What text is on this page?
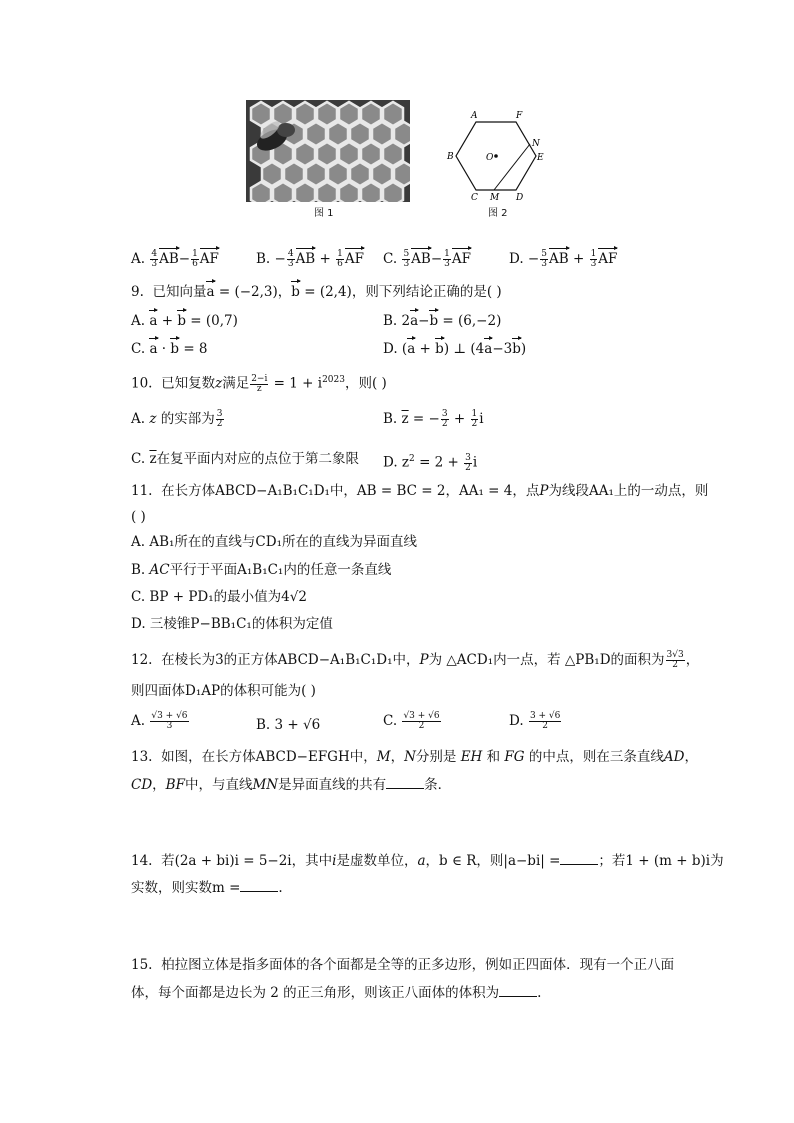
图 1
A	F
B	E
N
O
C M D
图 2
A. $\frac{4}{3} AB- \frac{1}{6}$ AF	B. − $\frac{4}{3}$ AB + $\frac{1}{6}$ AF C. $\frac{5}{3} AB- \frac{1}{3}$ AF	D. − $\frac{5}{3}$ AB + $\frac{1}{3}$ AF
9. 已知向量a = (−2,3)，b = (2,4)，则下列结论正确的是( )
A. a + b = (0,7)	B. 2a−b = (6,−2)
C. a · b = 8	D. (a + b) ⊥ (4a−3b)
10. 已知复数z满足 $\frac{2-i}{z} = 1 + i^{2023}$，则( )
A. z 的实部为 $\frac{3}{2}$	B. $\overline{z}$ = − $\frac{3}{2} + \frac{1}{2}$ i
C. $\overline{z}$在复平面内对应的点位于第二象限 D. $z^2 = 2 + \frac{3}{2}$ i
11. 在长方体ABCD−A₁B₁C₁D₁中，AB = BC = 2，AA₁ = 4，点P为线段AA₁上的一动点，则
( )
A. AB₁所在的直线与CD₁所在的直线为异面直线
B. AC平行于平面A₁B₁C₁内的任意一条直线
C. BP + PD₁的最小值为4√2
D. 三棱锥P−BB₁C₁的体积为定值
12. 在棱长为3的正方体ABCD−A₁B₁C₁D₁中，P为 △ACD₁内一点，若 △PB₁D的面积为 $\frac{3√3}{2}$ ，
则四面体D₁AP的体积可能为( )
A. $\frac{√3 + √6}{3}$	B. 3 + √6	C. $\frac{√3 + √6}{2}$	D. $\frac{3 + √6}{2}$
13. 如图，在长方体ABCD−EFGH中，M，N分别是 EH 和 FG 的中点，则在三条直线AD，
CD，BF中，与直线MN是异面直线的共有	条．
14. 若(2a + bi)i = 5−2i，其中i是虚数单位，a，b ∈ R，则|a−bi| =	；若1 + (m + b)i为
实数，则实数m =	.
15. 柏拉图立体是指多面体的各个面都是全等的正多边形，例如正四面体．现有一个正八面
体，每个面都是边长为 2 的正三角形，则该正八面体的体积为	.
